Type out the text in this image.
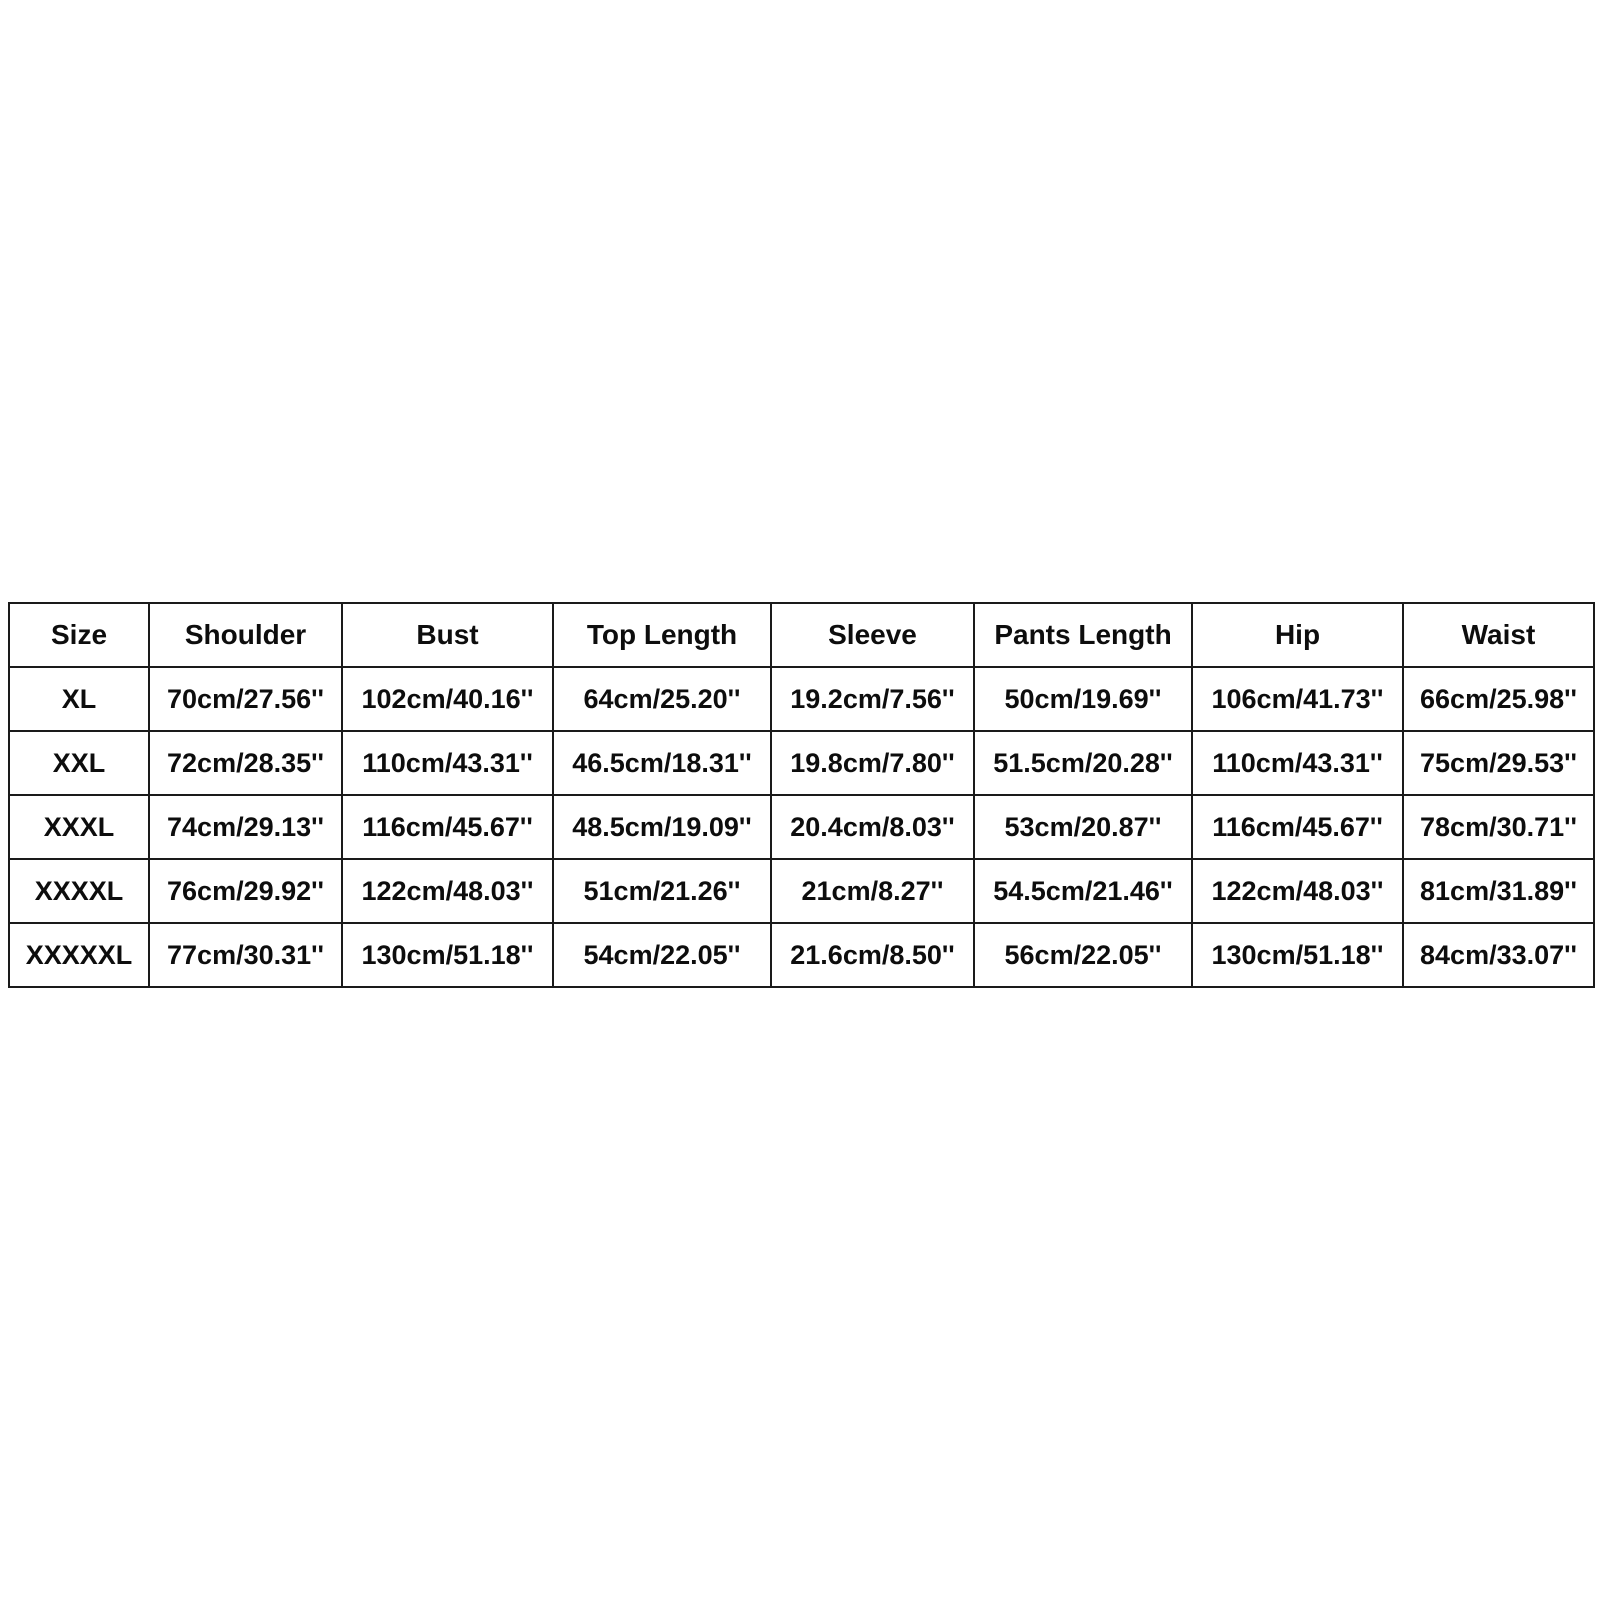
Size	Shoulder	Bust	Top Length	Sleeve	Pants Length	Hip	Waist
XL	70cm/27.56''	102cm/40.16''	64cm/25.20''	19.2cm/7.56''	50cm/19.69''	106cm/41.73''	66cm/25.98''
XXL	72cm/28.35''	110cm/43.31''	46.5cm/18.31''	19.8cm/7.80''	51.5cm/20.28''	110cm/43.31''	75cm/29.53''
XXXL	74cm/29.13''	116cm/45.67''	48.5cm/19.09''	20.4cm/8.03''	53cm/20.87''	116cm/45.67''	78cm/30.71''
XXXXL	76cm/29.92''	122cm/48.03''	51cm/21.26''	21cm/8.27''	54.5cm/21.46''	122cm/48.03''	81cm/31.89''
XXXXXL	77cm/30.31''	130cm/51.18''	54cm/22.05''	21.6cm/8.50''	56cm/22.05''	130cm/51.18''	84cm/33.07''
